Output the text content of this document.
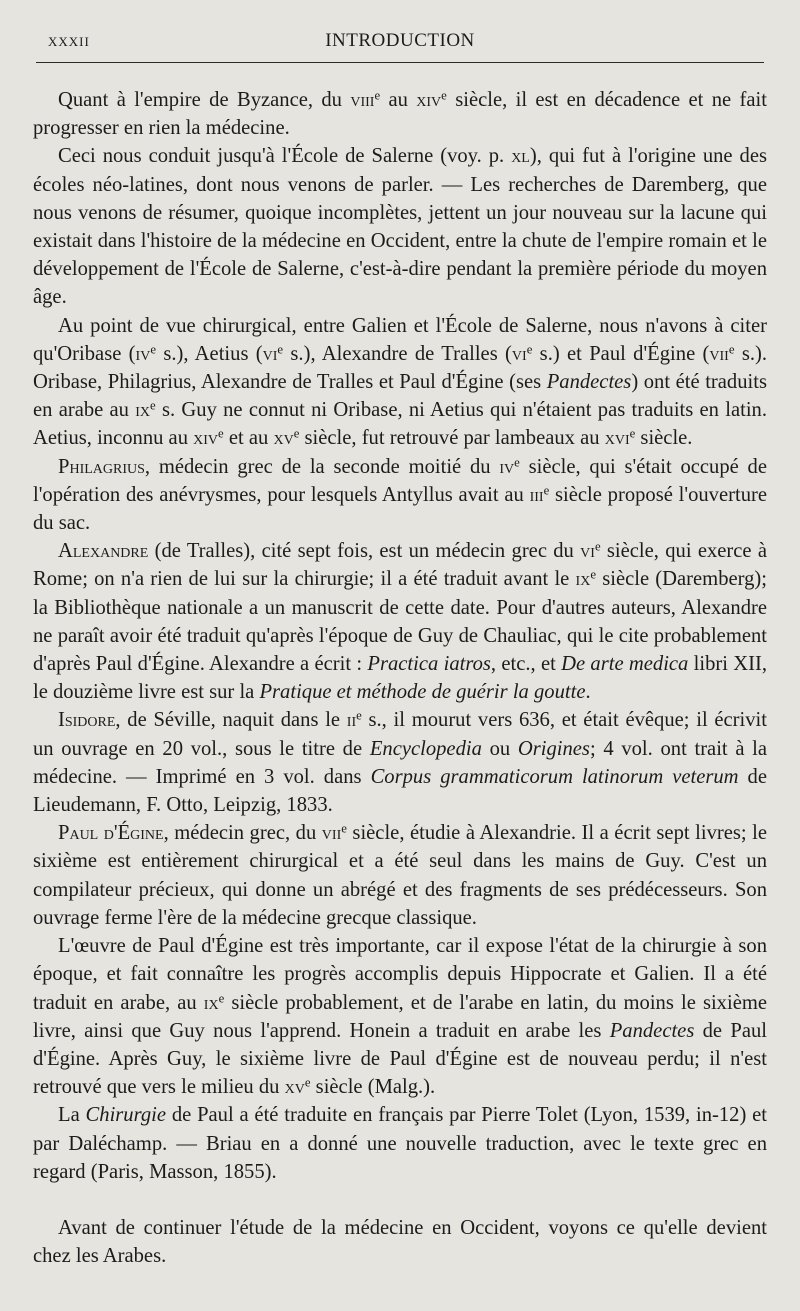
XXXII	INTRODUCTION

Quant à l'empire de Byzance, du viii$^e$ au xiv$^e$ siècle, il est en décadence et ne fait progresser en rien la médecine.

Ceci nous conduit jusqu'à l'École de Salerne (voy. p. xl), qui fut à l'origine une des écoles néo-latines, dont nous venons de parler. — Les recherches de Daremberg, que nous venons de résumer, quoique incomplètes, jettent un jour nouveau sur la lacune qui existait dans l'histoire de la médecine en Occident, entre la chute de l'empire romain et le développement de l'École de Salerne, c'est-à-dire pendant la première période du moyen âge.

Au point de vue chirurgical, entre Galien et l'École de Salerne, nous n'avons à citer qu'Oribase ($iv^e$ s.), Aetius ($vi^e$ s.), Alexandre de Tralles ($vi^e$ s.) et Paul d'Égine (vii$^e$ s.). Oribase, Philagrius, Alexandre de Tralles et Paul d'Égine (ses Pandectes) ont été traduits en arabe au $ix^e$ s. Guy ne connut ni Oribase, ni Aetius qui n'étaient pas traduits en latin. Aetius, inconnu au xiv$^e$ et au $xv^e$ siècle, fut retrouvé par lambeaux au xvi$^e$ siècle.

Philagrius, médecin grec de la seconde moitié du $iv^e$ siècle, qui s'était occupé de l'opération des anévrysmes, pour lesquels Antyllus avait au iii$^e$ siècle proposé l'ouverture du sac.

Alexandre (de Tralles), cité sept fois, est un médecin grec du $vi^e$ siècle, qui exerce à Rome; on n'a rien de lui sur la chirurgie; il a été traduit avant le $ix^e$ siècle (Daremberg); la Bibliothèque nationale a un manuscrit de cette date. Pour d'autres auteurs, Alexandre ne paraît avoir été traduit qu'après l'époque de Guy de Chauliac, qui le cite probablement d'après Paul d'Égine. Alexandre a écrit : Practica iatros, etc., et De arte medica libri XII, le douzième livre est sur la Pratique et méthode de guérir la goutte.

Isidore, de Séville, naquit dans le $ii^e$ s., il mourut vers 636, et était évêque; il écrivit un ouvrage en 20 vol., sous le titre de Encyclopedia ou Origines; 4 vol. ont trait à la médecine. — Imprimé en 3 vol. dans Corpus grammaticorum latinorum veterum de Lieudemann, F. Otto, Leipzig, 1833.

Paul d'Égine, médecin grec, du vii$^e$ siècle, étudie à Alexandrie. Il a écrit sept livres; le sixième est entièrement chirurgical et a été seul dans les mains de Guy. C'est un compilateur précieux, qui donne un abrégé et des fragments de ses prédécesseurs. Son ouvrage ferme l'ère de la médecine grecque classique.

L'œuvre de Paul d'Égine est très importante, car il expose l'état de la chirurgie à son époque, et fait connaître les progrès accomplis depuis Hippocrate et Galien. Il a été traduit en arabe, au $ix^e$ siècle probablement, et de l'arabe en latin, du moins le sixième livre, ainsi que Guy nous l'apprend. Honein a traduit en arabe les Pandectes de Paul d'Égine. Après Guy, le sixième livre de Paul d'Égine est de nouveau perdu; il n'est retrouvé que vers le milieu du $xv^e$ siècle (Malg.).

La Chirurgie de Paul a été traduite en français par Pierre Tolet (Lyon, 1539, in-12) et par Daléchamp. — Briau en a donné une nouvelle traduction, avec le texte grec en regard (Paris, Masson, 1855).

Avant de continuer l'étude de la médecine en Occident, voyons ce qu'elle devient chez les Arabes.
